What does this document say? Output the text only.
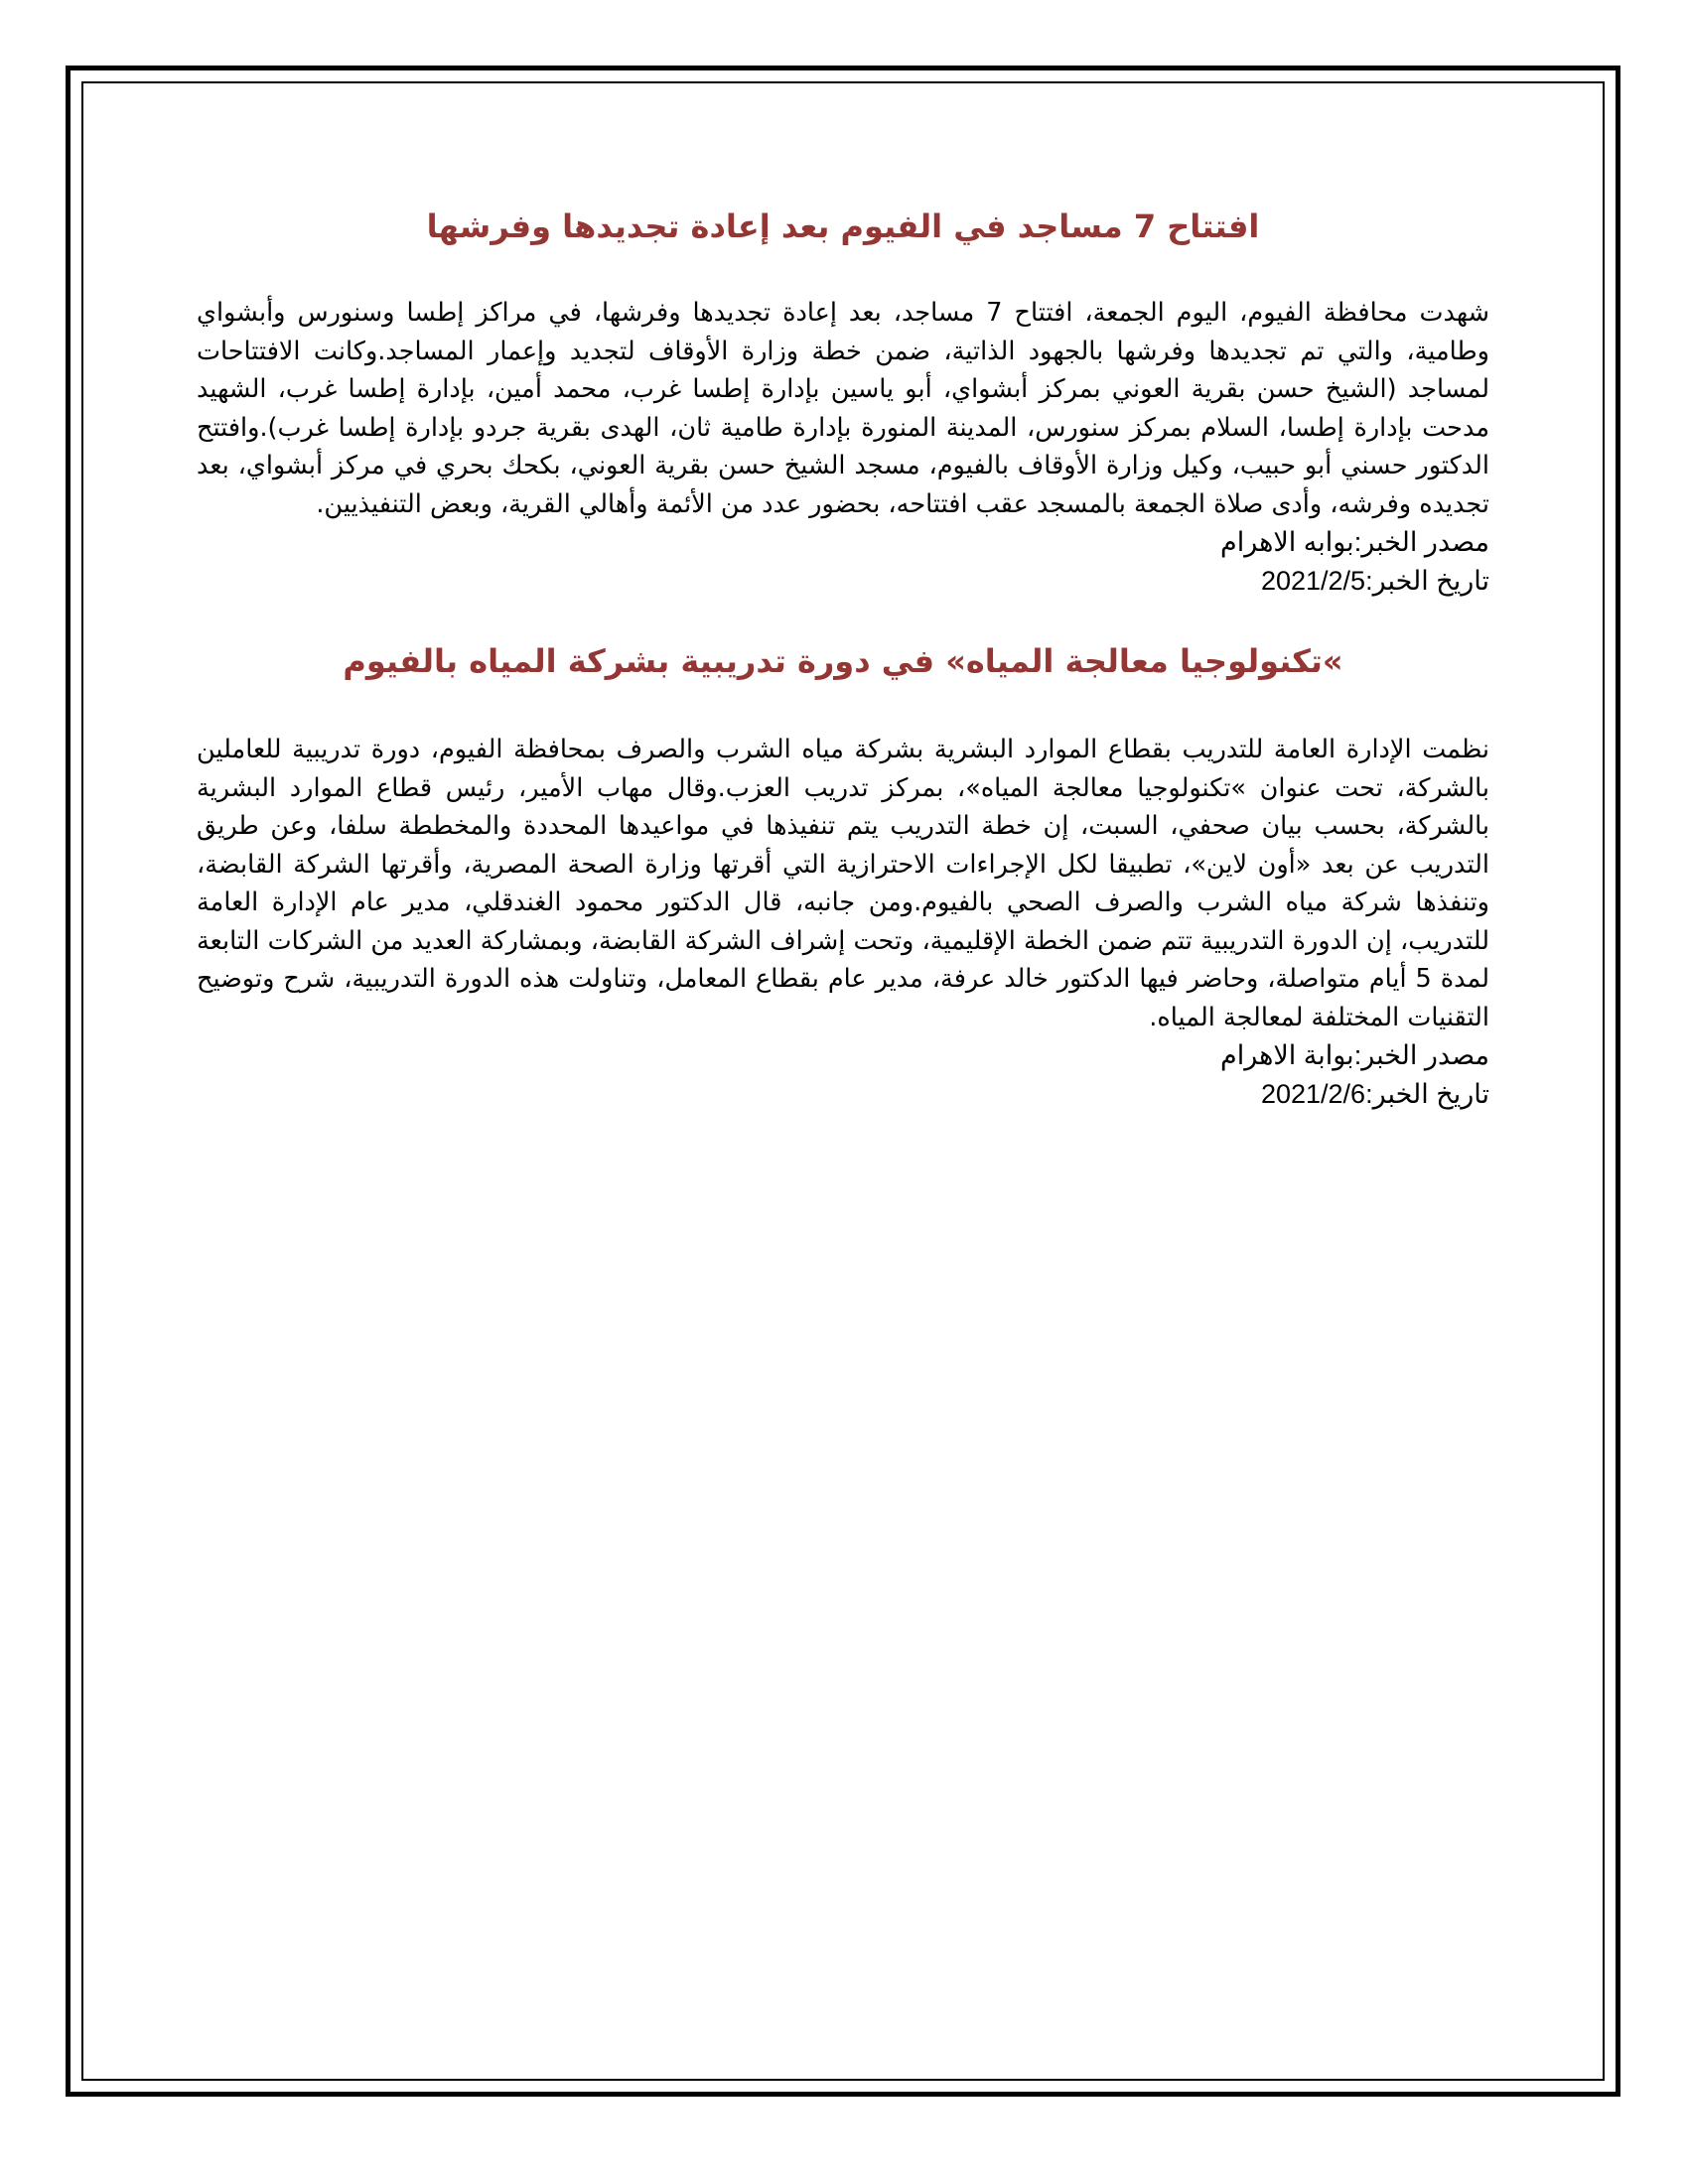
افتتاح 7 مساجد في الفيوم بعد إعادة تجديدها وفرشها

شهدت محافظة الفيوم، اليوم الجمعة، افتتاح 7 مساجد، بعد إعادة تجديدها وفرشها، في مراكز إطسا وسنورس وأبشواي وطامية، والتي تم تجديدها وفرشها بالجهود الذاتية، ضمن خطة وزارة الأوقاف لتجديد وإعمار المساجد.وكانت الافتتاحات لمساجد (الشيخ حسن بقرية العوني بمركز أبشواي، أبو ياسين بإدارة إطسا غرب، محمد أمين، بإدارة إطسا غرب، الشهيد مدحت بإدارة إطسا، السلام بمركز سنورس، المدينة المنورة بإدارة طامية ثان، الهدى بقرية جردو بإدارة إطسا غرب).وافتتح الدكتور حسني أبو حبيب، وكيل وزارة الأوقاف بالفيوم، مسجد الشيخ حسن بقرية العوني، بكحك بحري في مركز أبشواي، بعد تجديده وفرشه، وأدى صلاة الجمعة بالمسجد عقب افتتاحه، بحضور عدد من الأئمة وأهالي القرية، وبعض التنفيذيين.

مصدر الخبر:بوابه الاهرام

تاريخ الخبر:2021/2/5

»تكنولوجيا معالجة المياه» في دورة تدريبية بشركة المياه بالفيوم

نظمت الإدارة العامة للتدريب بقطاع الموارد البشرية بشركة مياه الشرب والصرف بمحافظة الفيوم، دورة تدريبية للعاملين بالشركة، تحت عنوان »تكنولوجيا معالجة المياه»، بمركز تدريب العزب.وقال مهاب الأمير، رئيس قطاع الموارد البشرية بالشركة، بحسب بيان صحفي، السبت، إن خطة التدريب يتم تنفيذها في مواعيدها المحددة والمخططة سلفا، وعن طريق التدريب عن بعد «أون لاين»، تطبيقا لكل الإجراءات الاحترازية التي أقرتها وزارة الصحة المصرية، وأقرتها الشركة القابضة، وتنفذها شركة مياه الشرب والصرف الصحي بالفيوم.ومن جانبه، قال الدكتور محمود الغندقلي، مدير عام الإدارة العامة للتدريب، إن الدورة التدريبية تتم ضمن الخطة الإقليمية، وتحت إشراف الشركة القابضة، وبمشاركة العديد من الشركات التابعة لمدة 5 أيام متواصلة، وحاضر فيها الدكتور خالد عرفة، مدير عام بقطاع المعامل، وتناولت هذه الدورة التدريبية، شرح وتوضيح التقنيات المختلفة لمعالجة المياه.

مصدر الخبر:بوابة الاهرام

تاريخ الخبر:2021/2/6
